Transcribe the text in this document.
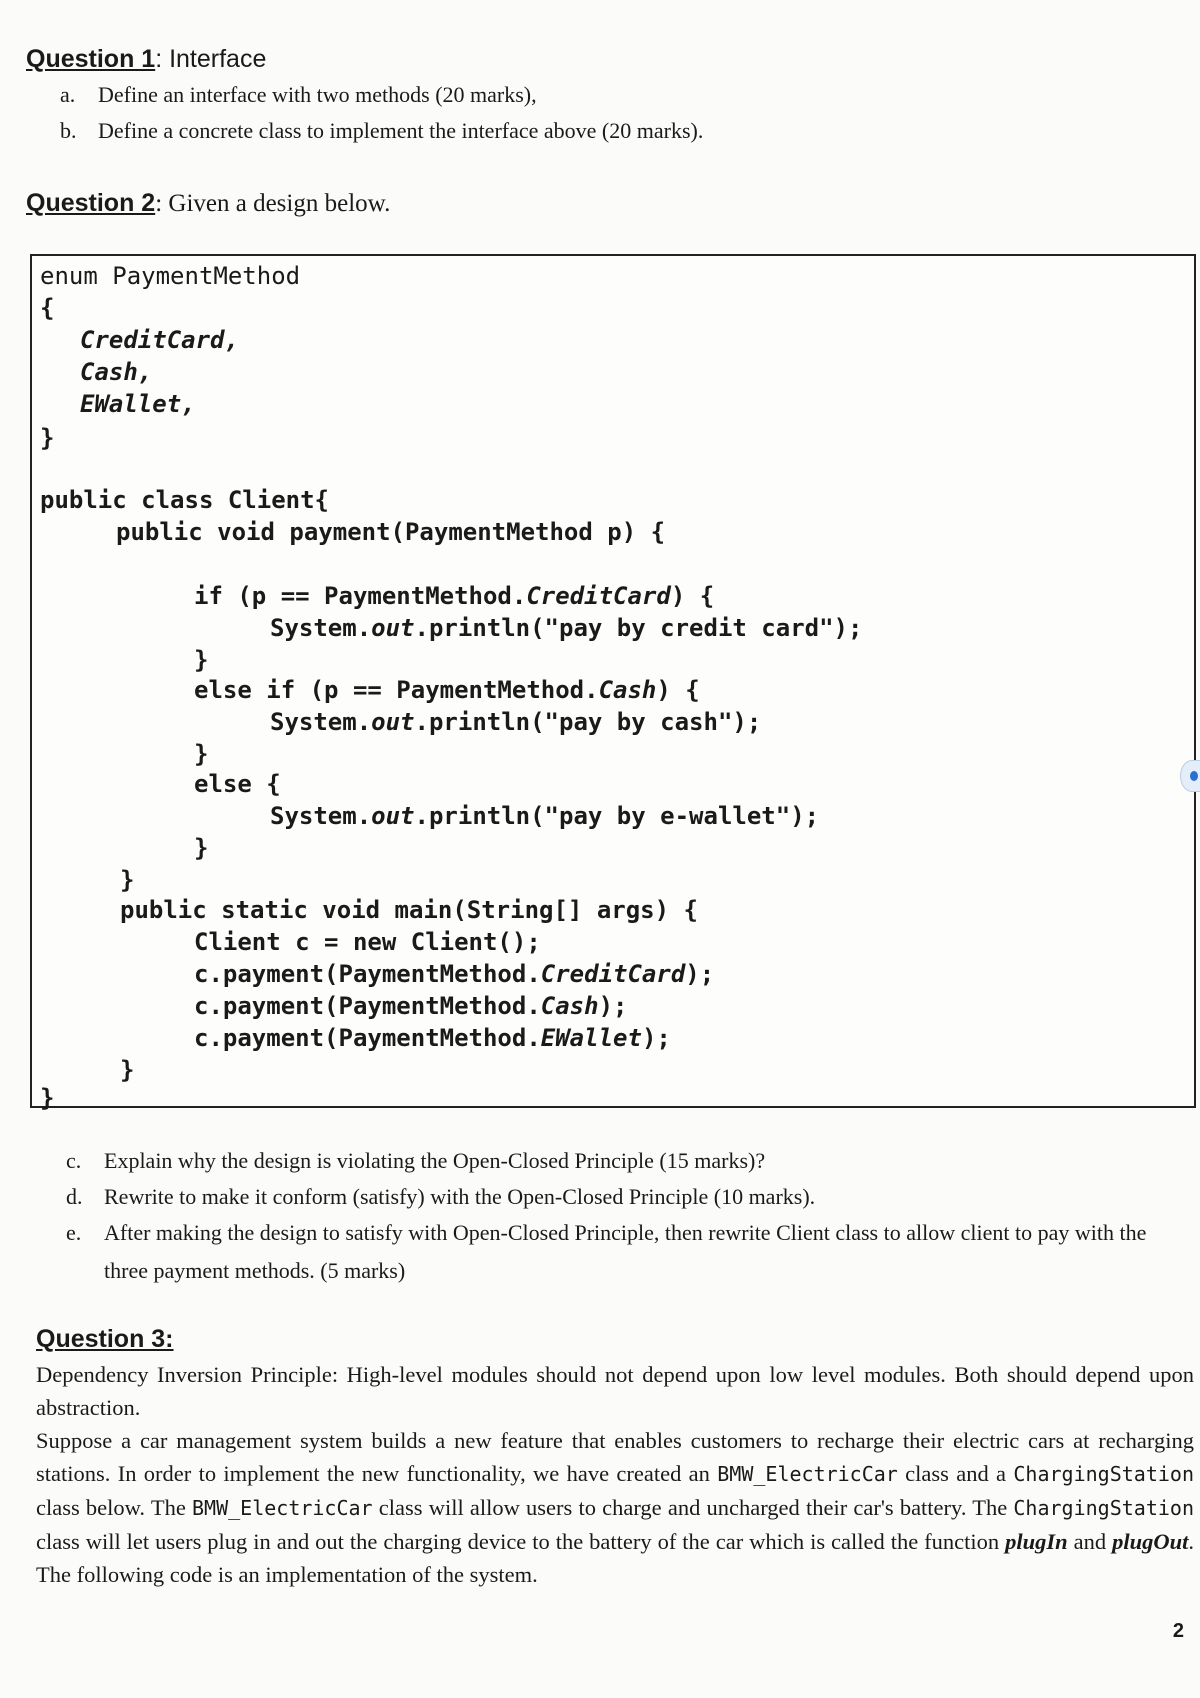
Question 1: Interface
a. Define an interface with two methods (20 marks),
b. Define a concrete class to implement the interface above (20 marks).
Question 2: Given a design below.
enum PaymentMethod
{
CreditCard,
Cash,
EWallet,
}
public class Client{
public void payment(PaymentMethod p) {
if (p == PaymentMethod.CreditCard) {
System.out.println("pay by credit card");
}
else if (p == PaymentMethod.Cash) {
System.out.println("pay by cash");
}
else {
System.out.println("pay by e-wallet");
}
}
public static void main(String[] args) {
Client c = new Client();
c.payment(PaymentMethod.CreditCard);
c.payment(PaymentMethod.Cash);
c.payment(PaymentMethod.EWallet);
}
}
c. Explain why the design is violating the Open-Closed Principle (15 marks)?
d. Rewrite to make it conform (satisfy) with the Open-Closed Principle (10 marks).
e.	After making the design to satisfy with Open-Closed Principle, then rewrite Client class to allow client to pay with the three payment methods. (5 marks)
Question 3:
Dependency Inversion Principle: High-level modules should not depend upon low level modules. Both should depend upon abstraction.
Suppose a car management system builds a new feature that enables customers to recharge their electric cars at recharging stations. In order to implement the new functionality, we have created an BMW_ElectricCar class and a ChargingStation class below. The BMW_ElectricCar class will allow users to charge and uncharged their car's battery. The ChargingStation class will let users plug in and out the charging device to the battery of the car which is called the function plugIn and plugOut. The following code is an implementation of the system.
2
